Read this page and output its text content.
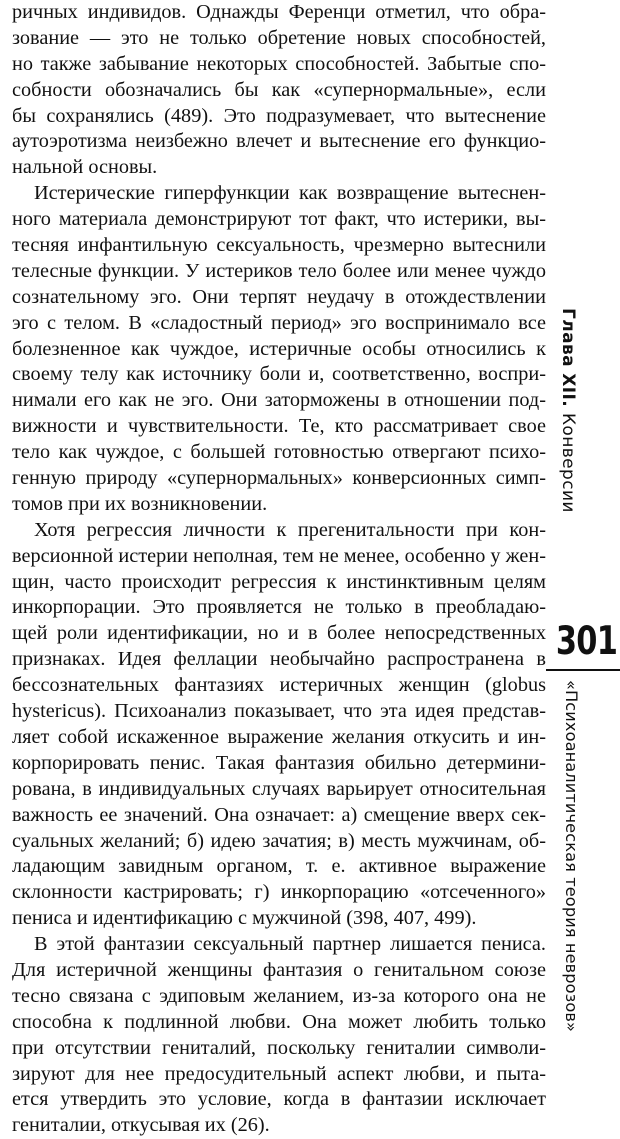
ричных индивидов. Однажды Ференци отметил, что обра-
зование — это не только обретение новых способностей,
но также забывание некоторых способностей. Забытые спо-
собности обозначались бы как «супернормальные», если
бы сохранялись (489). Это подразумевает, что вытеснение
аутоэротизма неизбежно влечет и вытеснение его функцио-
нальной основы.
Истерические гиперфункции как возвращение вытеснен-
ного материала демонстрируют тот факт, что истерики, вы-
тесняя инфантильную сексуальность, чрезмерно вытеснили
телесные функции. У истериков тело более или менее чуждо
сознательному эго. Они терпят неудачу в отождествлении
эго с телом. В «сладостный период» эго воспринимало все
болезненное как чуждое, истеричные особы относились к
своему телу как источнику боли и, соответственно, воспри-
нимали его как не эго. Они заторможены в отношении под-
вижности и чувствительности. Те, кто рассматривает свое
тело как чуждое, с большей готовностью отвергают психо-
генную природу «супернормальных» конверсионных симп-
томов при их возникновении.
Хотя регрессия личности к прегенитальности при кон-
версионной истерии неполная, тем не менее, особенно у жен-
щин, часто происходит регрессия к инстинктивным целям
инкорпорации. Это проявляется не только в преобладаю-
щей роли идентификации, но и в более непосредственных
признаках. Идея феллации необычайно распространена в
бессознательных фантазиях истеричных женщин (globus
hystericus). Психоанализ показывает, что эта идея представ-
ляет собой искаженное выражение желания откусить и ин-
корпорировать пенис. Такая фантазия обильно детермини-
рована, в индивидуальных случаях варьирует относительная
важность ее значений. Она означает: а) смещение вверх сек-
суальных желаний; б) идею зачатия; в) месть мужчинам, об-
ладающим завидным органом, т. е. активное выражение
склонности кастрировать; г) инкорпорацию «отсеченного»
пениса и идентификацию с мужчиной (398, 407, 499).
В этой фантазии сексуальный партнер лишается пениса.
Для истеричной женщины фантазия о генитальном союзе
тесно связана с эдиповым желанием, из-за которого она не
способна к подлинной любви. Она может любить только
при отсутствии гениталий, поскольку гениталии символи-
зируют для нее предосудительный аспект любви, и пыта-
ется утвердить это условие, когда в фантазии исключает
гениталии, откусывая их (26).
Глава XII. Конверсии
301
«Психоаналитическая теория неврозов»
